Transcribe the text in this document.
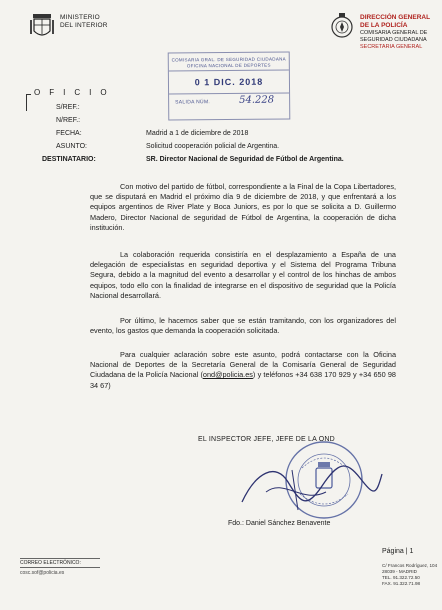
MINISTERIO
DEL INTERIOR
DIRECCIÓN GENERAL
DE LA POLICÍA
COMISARIA GENERAL DE
SEGURIDAD CIUDADANA
SECRETARIA GENERAL
COMISARIA GRAL. DE SEGURIDAD CIUDADANA
OFICINA NACIONAL DE DEPORTES
0 1 DIC. 2018
SALIDA NÚM.	54.228
OFICIO
S/REF.:
N/REF.:
FECHA:	Madrid a 1 de diciembre de 2018
ASUNTO:	Solicitud cooperación policial de Argentina.
DESTINATARIO:	SR. Director Nacional de Seguridad de Fútbol de Argentina.
Con motivo del partido de fútbol, correspondiente a la Final de la Copa Libertadores, que se disputará en Madrid el próximo día 9 de diciembre de 2018, y que enfrentará a los equipos argentinos de River Plate y Boca Juniors, es por lo que se solicita a D. Guillermo Madero, Director Nacional de seguridad de Fútbol de Argentina, la cooperación de dicha institución.
La colaboración requerida consistiría en el desplazamiento a España de una delegación de especialistas en seguridad deportiva y el Sistema del Programa Tribuna Segura, debido a la magnitud del evento a desarrollar y el control de los hinchas de ambos equipos, todo ello con la finalidad de integrarse en el dispositivo de seguridad que la Policía Nacional desarrollará.
Por último, le hacemos saber que se están tramitando, con los organizadores del evento, los gastos que demanda la cooperación solicitada.
Para cualquier aclaración sobre este asunto, podrá contactarse con la Oficina Nacional de Deportes de la Secretaría General de la Comisaría General de Seguridad Ciudadana de la Policía Nacional (ond@policia.es) y teléfonos +34 638 170 929 y +34 650 98 34 67)
EL INSPECTOR JEFE, JEFE DE LA OND
Fdo.: Daniel Sánchez Benavente
CORREO ELECTRÓNICO:
cosc.sof@policia.es
Página | 1
C/ Francos Rodríguez, 104
28039 - MADRID
TEL. 91.322.72.50
FAX. 91.322.71.98
